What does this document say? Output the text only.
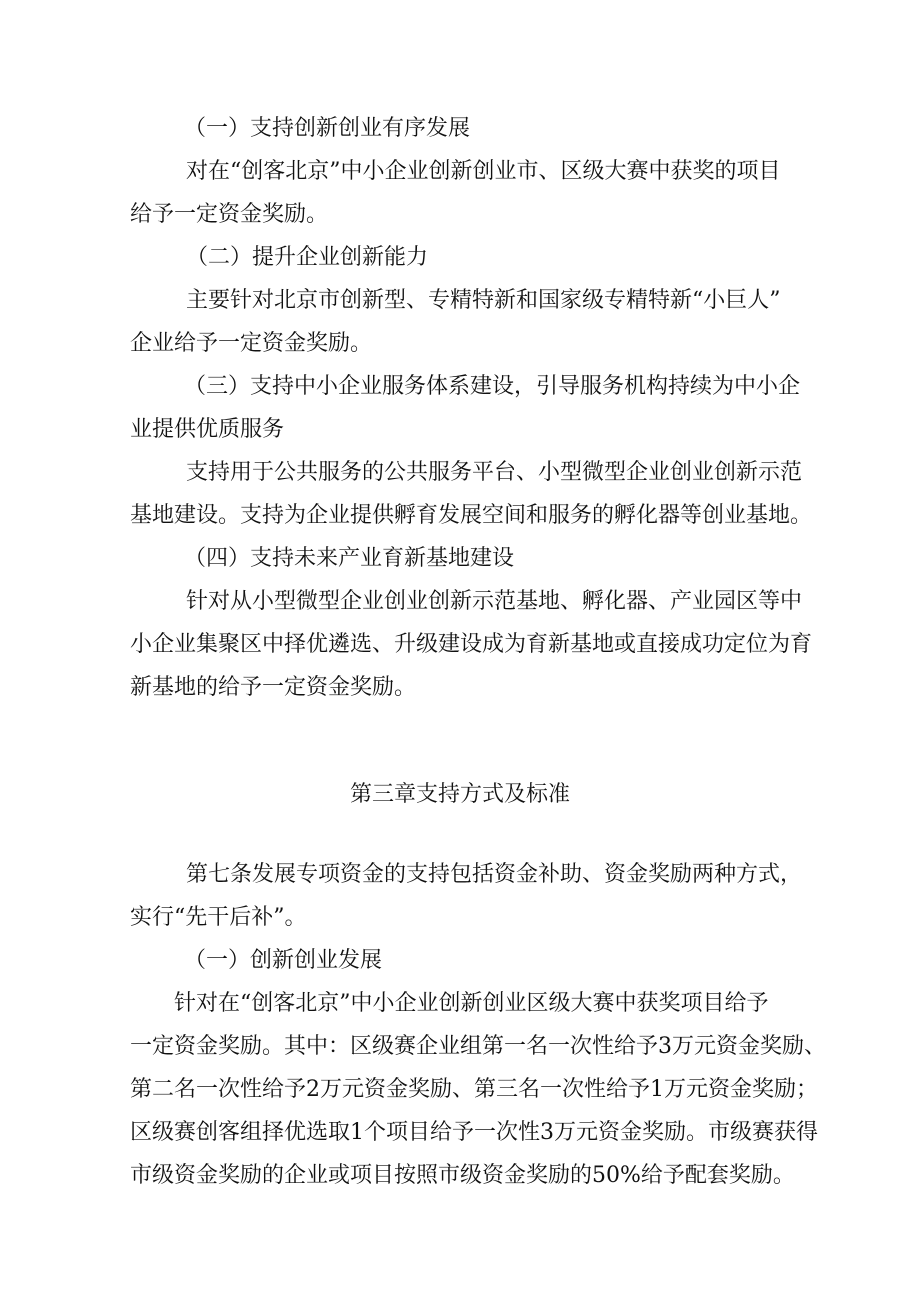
（一）支持创新创业有序发展

对在“创客北京”中小企业创新创业市、区级大赛中获奖的项目

给予一定资金奖励。

（二）提升企业创新能力

主要针对北京市创新型、专精特新和国家级专精特新“小巨人”

企业给予一定资金奖励。

（三）支持中小企业服务体系建设，引导服务机构持续为中小企

业提供优质服务

支持用于公共服务的公共服务平台、小型微型企业创业创新示范

基地建设。支持为企业提供孵育发展空间和服务的孵化器等创业基地。

（四）支持未来产业育新基地建设

针对从小型微型企业创业创新示范基地、孵化器、产业园区等中

小企业集聚区中择优遴选、升级建设成为育新基地或直接成功定位为育

新基地的给予一定资金奖励。

第三章支持方式及标准

第七条发展专项资金的支持包括资金补助、资金奖励两种方式，

实行“先干后补”。

（一）创新创业发展

针对在“创客北京”中小企业创新创业区级大赛中获奖项目给予

一定资金奖励。其中：区级赛企业组第一名一次性给予3万元资金奖励、

第二名一次性给予2万元资金奖励、第三名一次性给予1万元资金奖励；

区级赛创客组择优选取1个项目给予一次性3万元资金奖励。市级赛获得

市级资金奖励的企业或项目按照市级资金奖励的50%给予配套奖励。
